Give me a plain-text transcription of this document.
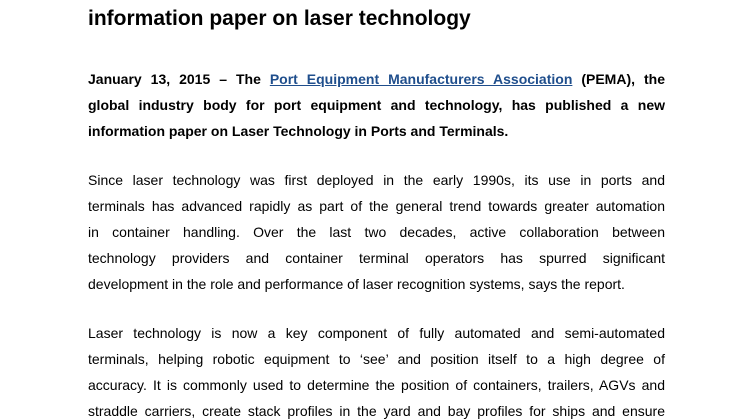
information paper on laser technology
January 13, 2015 – The Port Equipment Manufacturers Association (PEMA), the
global industry body for port equipment and technology, has published a new
information paper on Laser Technology in Ports and Terminals.
Since laser technology was first deployed in the early 1990s, its use in ports and
terminals has advanced rapidly as part of the general trend towards greater automation
in container handling. Over the last two decades, active collaboration between
technology providers and container terminal operators has spurred significant
development in the role and performance of laser recognition systems, says the report.
Laser technology is now a key component of fully automated and semi-automated
terminals, helping robotic equipment to ‘see’ and position itself to a high degree of
accuracy. It is commonly used to determine the position of containers, trailers, AGVs and
straddle carriers, create stack profiles in the yard and bay profiles for ships and ensure
